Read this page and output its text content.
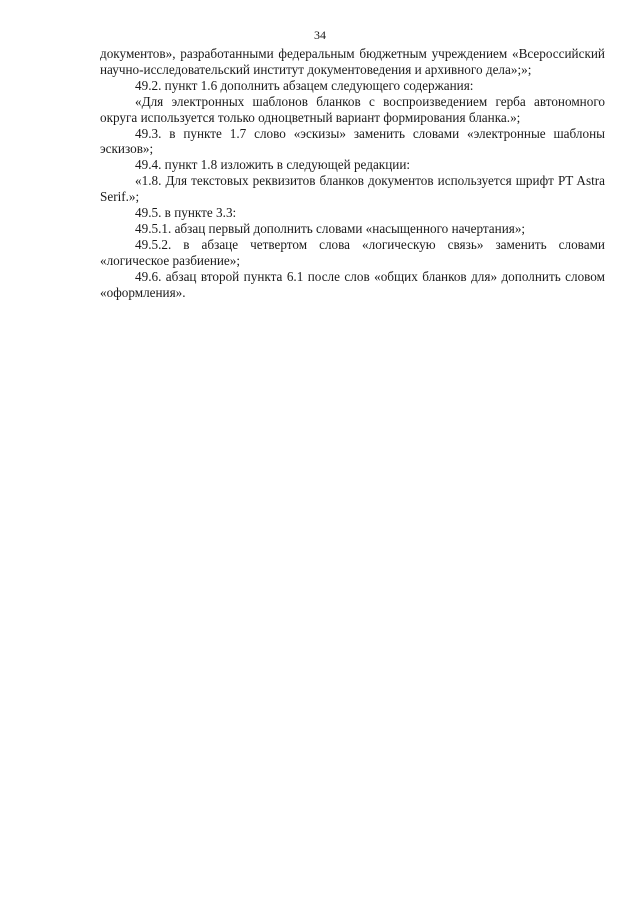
34

документов», разработанными федеральным бюджетным учреждением «Всероссийский научно-исследовательский институт документоведения и архивного дела»;»;

49.2. пункт 1.6 дополнить абзацем следующего содержания:

«Для электронных шаблонов бланков с воспроизведением герба автономного округа используется только одноцветный вариант формирования бланка.»;

49.3. в пункте 1.7 слово «эскизы» заменить словами «электронные шаблоны эскизов»;

49.4. пункт 1.8 изложить в следующей редакции:

«1.8. Для текстовых реквизитов бланков документов используется шрифт PT Astra Serif.»;

49.5. в пункте 3.3:

49.5.1. абзац первый дополнить словами «насыщенного начертания»;

49.5.2. в абзаце четвертом слова «логическую связь» заменить словами «логическое разбиение»;

49.6. абзац второй пункта 6.1 после слов «общих бланков для» дополнить словом «оформления».
